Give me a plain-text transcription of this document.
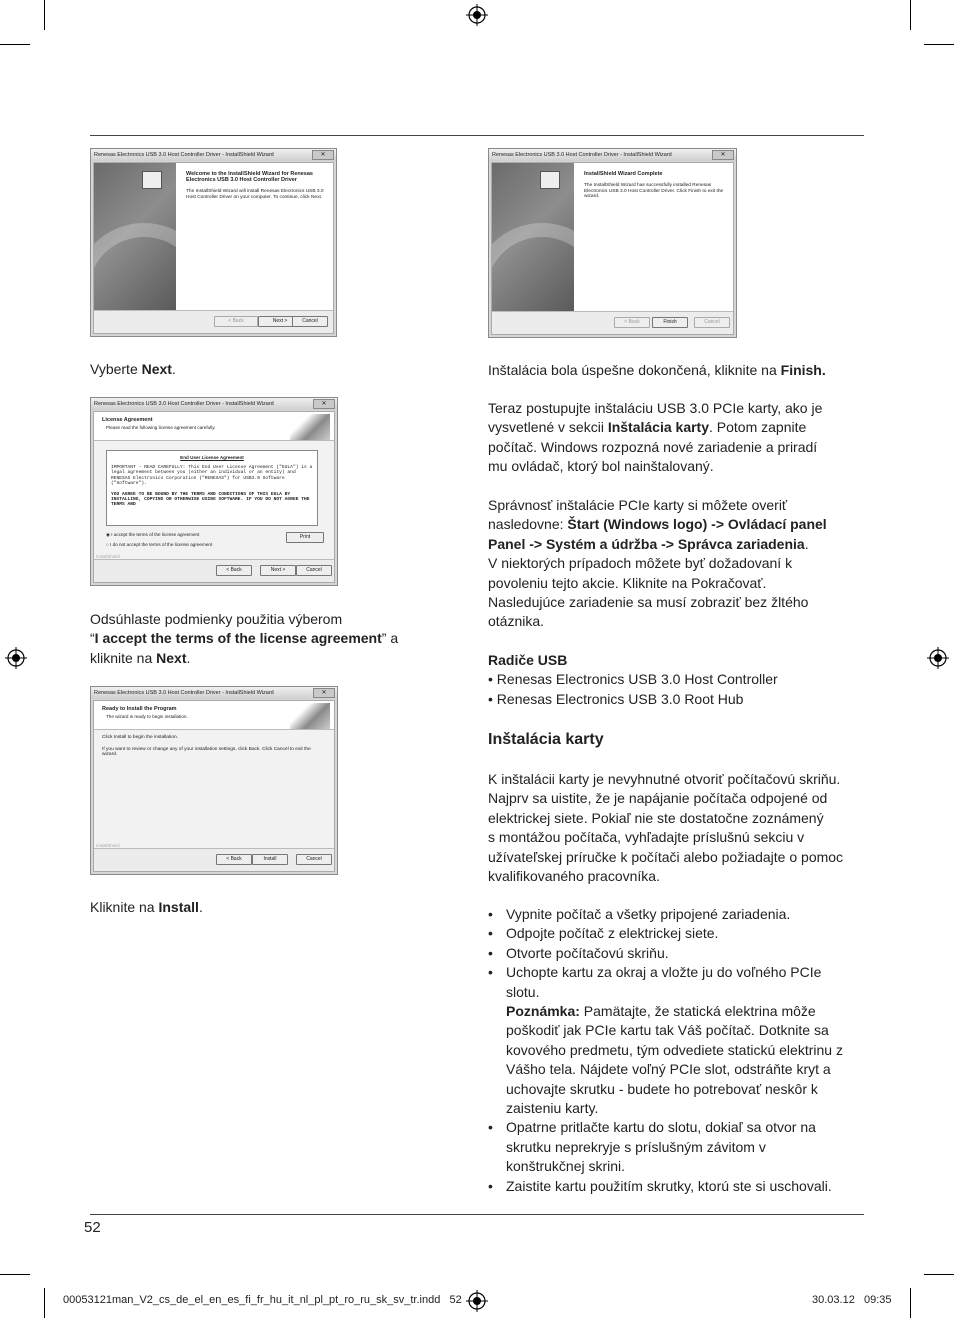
Renesas Electronics USB 3.0 Host Controller Driver - InstallShield Wizard	✕
Welcome to the InstallShield Wizard for Renesas Electronics USB 3.0 Host Controller Driver

The InstallShield Wizard will install Renesas Electronics USB 3.0 Host Controller Driver on your computer. To continue, click Next.

< Back	Next >	Cancel
Vyberte Next.
Renesas Electronics USB 3.0 Host Controller Driver - InstallShield Wizard	✕
License Agreement
Please read the following license agreement carefully.
End User License Agreement
IMPORTANT - READ CAREFULLY: This End User License Agreement ("EULA") is a legal agreement between you (either an individual or an entity) and RENESAS Electronics Corporation ("RENESAS") for USB3.0 Software ("Software").
YOU AGREE TO BE BOUND BY THE TERMS AND CONDITIONS OF THIS EULA BY INSTALLING, COPYING OR OTHERWISE USING SOFTWARE. IF YOU DO NOT AGREE THE TERMS AND
◉ I accept the terms of the license agreement
○ I do not accept the terms of the license agreement
Print
InstallShield
< Back	Next >	Cancel
Odsúhlaste podmienky použitia výberom
“I accept the terms of the license agreement” a
kliknite na Next.
Renesas Electronics USB 3.0 Host Controller Driver - InstallShield Wizard	✕
Ready to Install the Program
The wizard is ready to begin installation.

Click Install to begin the installation.

If you want to review or change any of your installation settings, click Back. Click Cancel to exit the wizard.

InstallShield
< Back	Install	Cancel
Kliknite na Install.
Renesas Electronics USB 3.0 Host Controller Driver - InstallShield Wizard	✕
InstallShield Wizard Complete

The InstallShield Wizard has successfully installed Renesas Electronics USB 3.0 Host Controller Driver. Click Finish to exit the wizard.

< Back	Finish	Cancel
Inštalácia bola úspešne dokončená, kliknite na Finish.
Teraz postupujte inštaláciu USB 3.0 PCIe karty, ako je
vysvetlené v sekcii Inštalácia karty. Potom zapnite
počítač. Windows rozpozná nové zariadenie a priradí
mu ovládač, ktorý bol nainštalovaný.
Správnosť inštalácie PCIe karty si môžete overiť
nasledovne: Štart (Windows logo) -> Ovládací panel
Panel -> Systém a údržba -> Správca zariadenia.
V niektorých prípadoch môžete byť dožadovaní k
povoleniu tejto akcie. Kliknite na Pokračovať.
Nasledujúce zariadenie sa musí zobraziť bez žltého
otáznika.
Radiče USB
• Renesas Electronics USB 3.0 Host Controller
• Renesas Electronics USB 3.0 Root Hub
Inštalácia karty
K inštalácii karty je nevyhnutné otvoriť počítačovú skriňu.
Najprv sa uistite, že je napájanie počítača odpojené od
elektrickej siete. Pokiaľ nie ste dostatočne zoznámený
s montážou počítača, vyhľadajte príslušnú sekciu v
užívateľskej príručke k počítači alebo požiadajte o pomoc
kvalifikovaného pracovníka.
• Vypnite počítač a všetky pripojené zariadenia.
• Odpojte počítač z elektrickej siete.
• Otvorte počítačovú skriňu.
• Uchopte kartu za okraj a vložte ju do voľného PCIe
slotu.
Poznámka: Pamätajte, že statická elektrina môže
poškodiť jak PCIe kartu tak Váš počítač. Dotknite sa
kovového predmetu, tým odvediete statickú elektrinu z
Vášho tela. Nájdete voľný PCIe slot, odstráňte kryt a
uchovajte skrutku - budete ho potrebovať neskôr k
zaisteniu karty.
• Opatrne pritlačte kartu do slotu, dokiaľ sa otvor na
skrutku neprekryje s príslušným závitom v
konštrukčnej skrini.
• Zaistite kartu použitím skrutky, ktorú ste si uschovali.
52
00053121man_V2_cs_de_el_en_es_fi_fr_hu_it_nl_pl_pt_ro_ru_sk_sv_tr.indd 52	30.03.12 09:35
